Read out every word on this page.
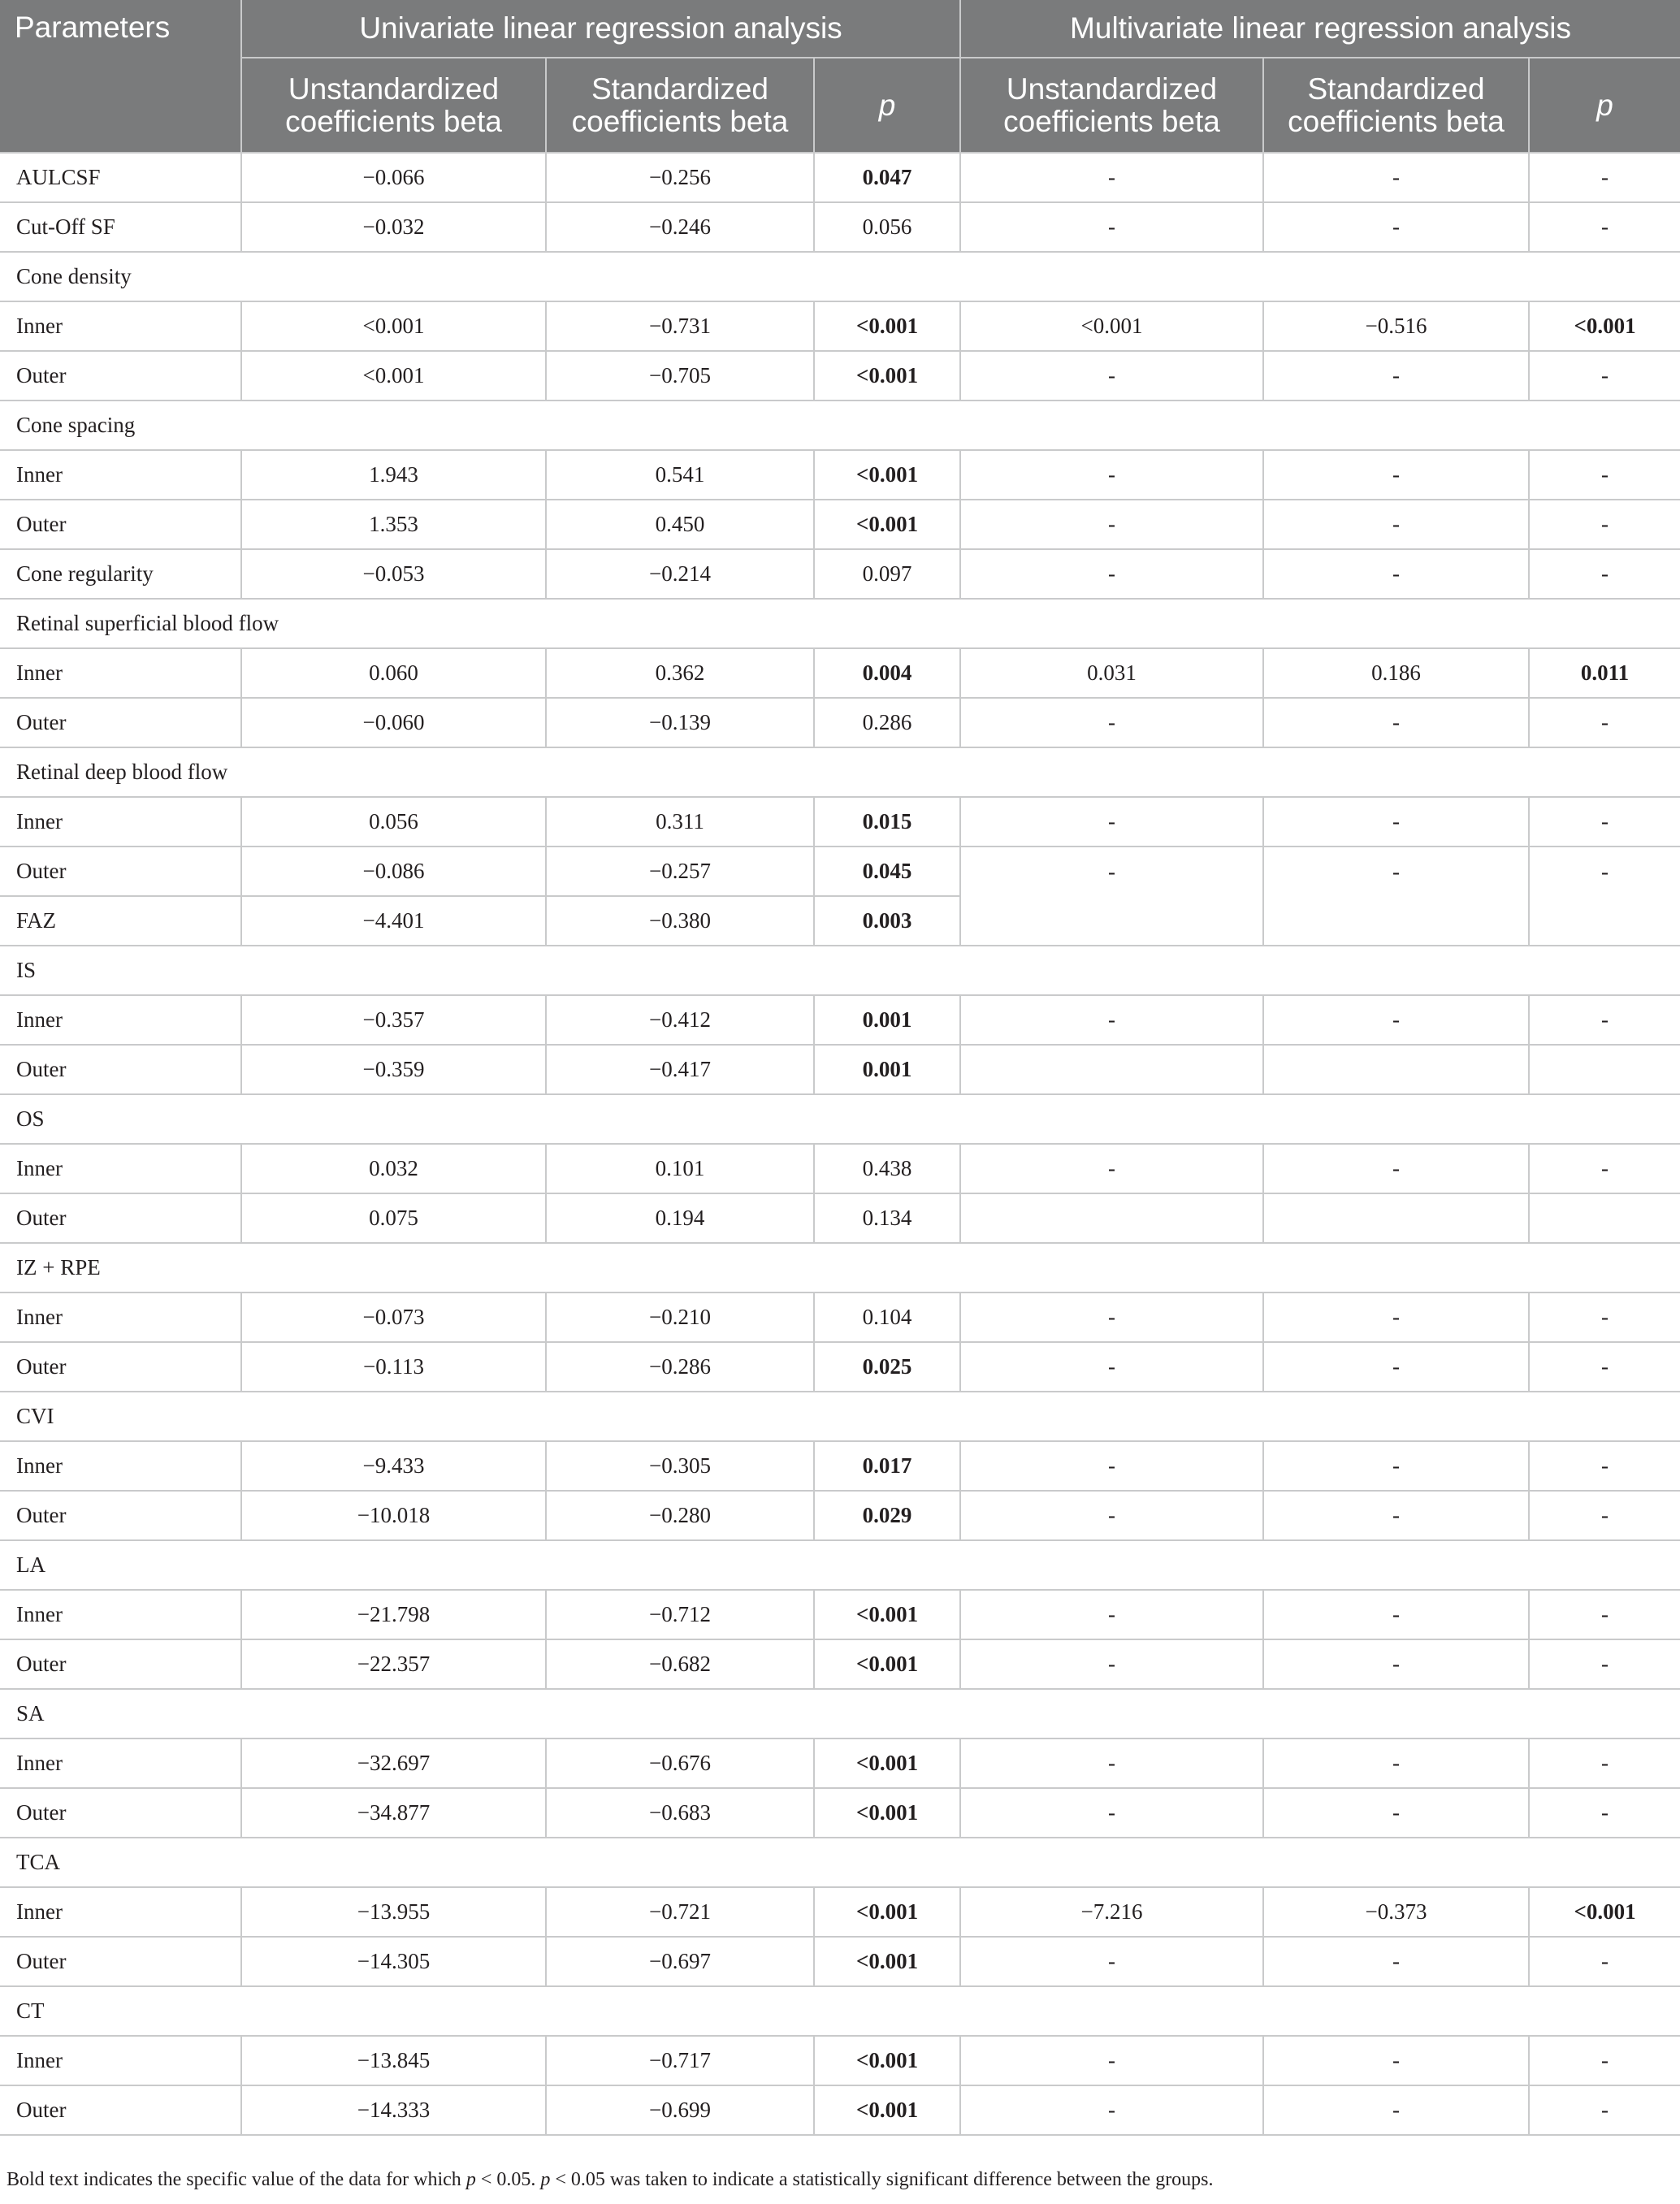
Parameters	Univariate linear regression analysis			Multivariate linear regression analysis		
	Unstandardized coefficients beta	Standardized coefficients beta	p	Unstandardized coefficients beta	Standardized coefficients beta	p
AULCSF	−0.066	−0.256	0.047	-	-	-
Cut-Off SF	−0.032	−0.246	0.056	-	-	-
Cone density						
Inner	<0.001	−0.731	<0.001	<0.001	−0.516	<0.001
Outer	<0.001	−0.705	<0.001	-	-	-
Cone spacing						
Inner	1.943	0.541	<0.001	-	-	-
Outer	1.353	0.450	<0.001	-	-	-
Cone regularity	−0.053	−0.214	0.097	-	-	-
Retinal superficial blood flow						
Inner	0.060	0.362	0.004	0.031	0.186	0.011
Outer	−0.060	−0.139	0.286	-	-	-
Retinal deep blood flow						
Inner	0.056	0.311	0.015	-	-	-
Outer	−0.086	−0.257	0.045	-	-	-
FAZ	−4.401	−0.380	0.003			
IS						
Inner	−0.357	−0.412	0.001	-	-	-
Outer	−0.359	−0.417	0.001			
OS						
Inner	0.032	0.101	0.438	-	-	-
Outer	0.075	0.194	0.134			
IZ + RPE						
Inner	−0.073	−0.210	0.104	-	-	-
Outer	−0.113	−0.286	0.025	-	-	-
CVI						
Inner	−9.433	−0.305	0.017	-	-	-
Outer	−10.018	−0.280	0.029	-	-	-
LA						
Inner	−21.798	−0.712	<0.001	-	-	-
Outer	−22.357	−0.682	<0.001	-	-	-
SA						
Inner	−32.697	−0.676	<0.001	-	-	-
Outer	−34.877	−0.683	<0.001	-	-	-
TCA						
Inner	−13.955	−0.721	<0.001	−7.216	−0.373	<0.001
Outer	−14.305	−0.697	<0.001	-	-	-
CT						
Inner	−13.845	−0.717	<0.001	-	-	-
Outer	−14.333	−0.699	<0.001	-	-	-
Bold text indicates the specific value of the data for which p < 0.05. p < 0.05 was taken to indicate a statistically significant difference between the groups.
